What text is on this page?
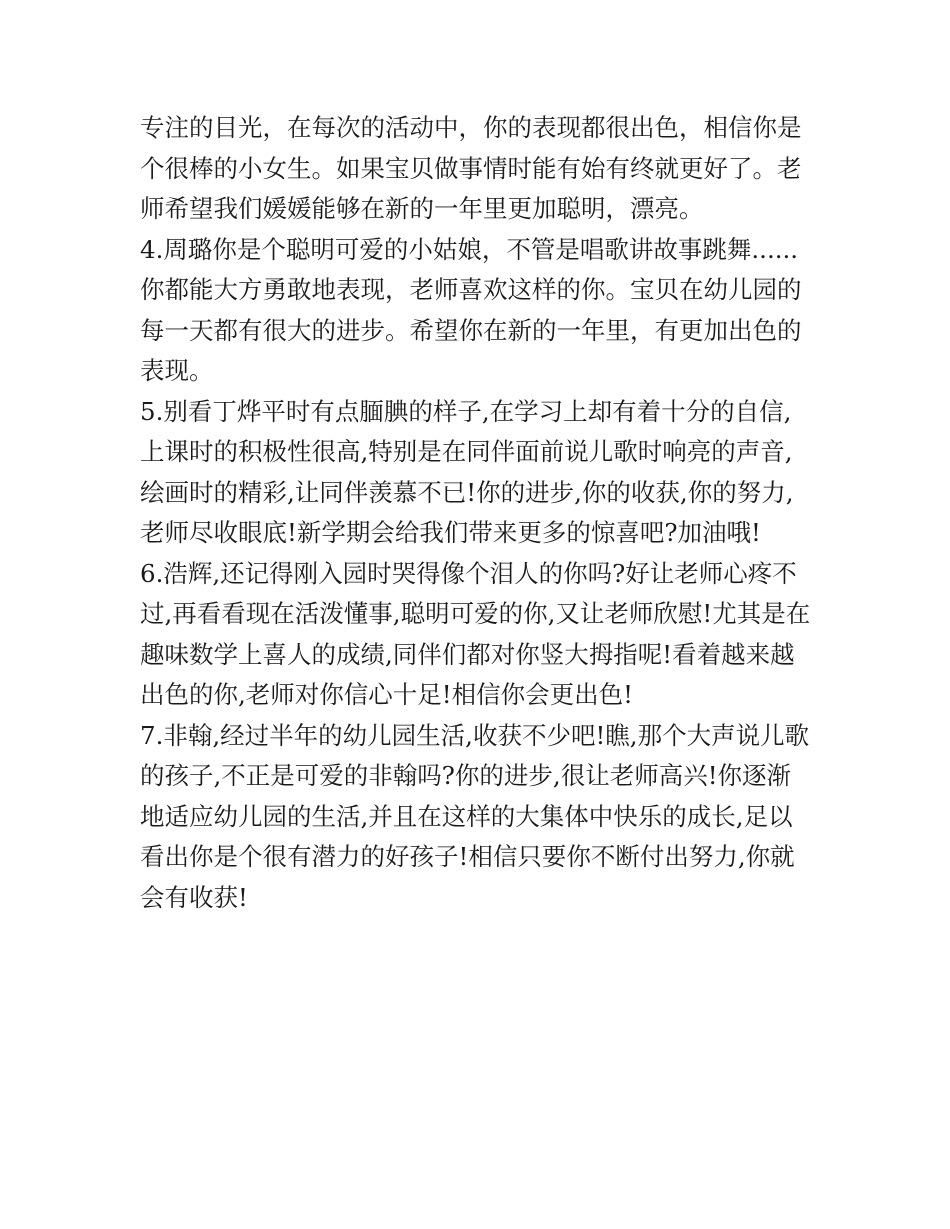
专注的目光，在每次的活动中，你的表现都很出色，相信你是
个很棒的小女生。如果宝贝做事情时能有始有终就更好了。老
师希望我们媛媛能够在新的一年里更加聪明，漂亮。
4.周璐你是个聪明可爱的小姑娘，不管是唱歌讲故事跳舞......
你都能大方勇敢地表现，老师喜欢这样的你。宝贝在幼儿园的
每一天都有很大的进步。希望你在新的一年里，有更加出色的
表现。
5.别看丁烨平时有点腼腆的样子,在学习上却有着十分的自信,
上课时的积极性很高,特别是在同伴面前说儿歌时响亮的声音,
绘画时的精彩,让同伴羡慕不已!你的进步,你的收获,你的努力,
老师尽收眼底!新学期会给我们带来更多的惊喜吧?加油哦!
6.浩辉,还记得刚入园时哭得像个泪人的你吗?好让老师心疼不
过,再看看现在活泼懂事,聪明可爱的你,又让老师欣慰!尤其是在
趣味数学上喜人的成绩,同伴们都对你竖大拇指呢!看着越来越
出色的你,老师对你信心十足!相信你会更出色!
7.非翰,经过半年的幼儿园生活,收获不少吧!瞧,那个大声说儿歌
的孩子,不正是可爱的非翰吗?你的进步,很让老师高兴!你逐渐
地适应幼儿园的生活,并且在这样的大集体中快乐的成长,足以
看出你是个很有潜力的好孩子!相信只要你不断付出努力,你就
会有收获!
